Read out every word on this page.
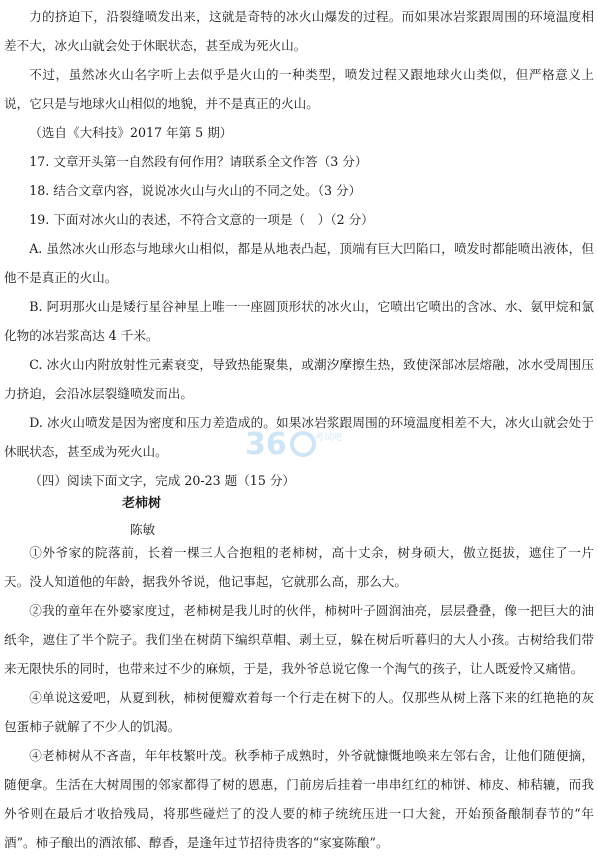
力的挤迫下，沿裂缝喷发出来，这就是奇特的冰火山爆发的过程。而如果冰岩浆跟周围的环境温度相差不大，冰火山就会处于休眠状态，甚至成为死火山。

不过，虽然冰火山名字听上去似乎是火山的一种类型，喷发过程又跟地球火山类似，但严格意义上说，它只是与地球火山相似的地貌，并不是真正的火山。

（选自《大科技》2017 年第 5 期）

17. 文章开头第一自然段有何作用？请联系全文作答（3 分）

18. 结合文章内容，说说冰火山与火山的不同之处。（3 分）

19. 下面对冰火山的表述，不符合文意的一项是（　）（2 分）

A. 虽然冰火山形态与地球火山相似，都是从地表凸起，顶端有巨大凹陷口，喷发时都能喷出液体，但他不是真正的火山。

B. 阿玥那火山是矮行星谷神星上唯一一座圆顶形状的冰火山，它喷出它喷出的含冰、水、氨甲烷和氯化物的冰岩浆高达 4 千米。

C. 冰火山内附放射性元素衰变，导致热能聚集，或潮汐摩擦生热，致使深部冰层熔融，冰水受周围压力挤迫，会沿冰层裂缝喷发而出。

D. 冰火山喷发是因为密度和压力差造成的。如果冰岩浆跟周围的环境温度相差不大，冰火山就会处于休眠状态，甚至成为死火山。

（四）阅读下面文字，完成 20-23 题（15 分）

老柿树
陈敏

①外爷家的院落前，长着一棵三人合抱粗的老柿树，高十丈余，树身硕大，傲立挺拔，遮住了一片天。没人知道他的年龄，据我外爷说，他记事起，它就那么高，那么大。

②我的童年在外婆家度过，老柿树是我儿时的伙伴，柿树叶子圆润油亮，层层叠叠，像一把巨大的油纸伞，遮住了半个院子。我们坐在树荫下编织草帽、剥土豆，躲在树后听暮归的大人小孩。古树给我们带来无限快乐的同时，也带来过不少的麻烦，于是，我外爷总说它像一个淘气的孩子，让人既爱怜又痛惜。

④单说这爱吧，从夏到秋，柿树便瓣欢着每一个行走在树下的人。仅那些从树上落下来的红艳艳的灰包蛋柿子就解了不少人的饥渴。

④老柿树从不吝啬，年年枝繁叶茂。秋季柿子成熟时，外爷就慷慨地唤来左邻右舍，让他们随便摘，随便拿。生活在大树周围的邻家都得了树的恩惠，门前房后挂着一串串红红的柿饼、柿皮、柿秸辘，而我外爷则在最后才收拾残局，将那些碰烂了的没人要的柿子统统压进一口大瓮，开始预备酿制春节的“年酒”。柿子酿出的酒浓郁、醇香，是逢年过节招待贵客的“家宴陈酿”。

36	考试吧
